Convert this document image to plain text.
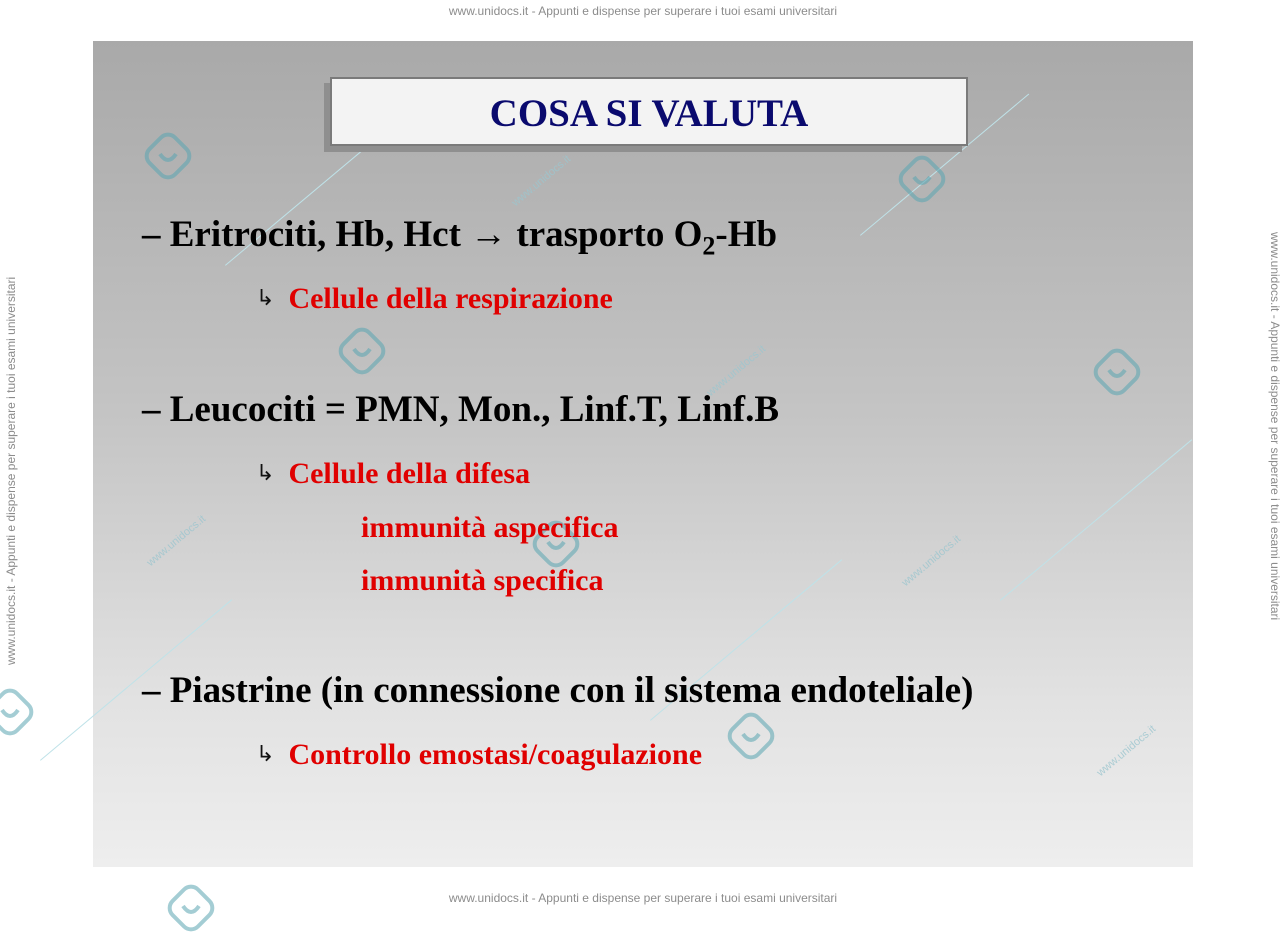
www.unidocs.it - Appunti e dispense per superare i tuoi esami universitari
www.unidocs.it - Appunti e dispense per superare i tuoi esami universitari
www.unidocs.it - Appunti e dispense per superare i tuoi esami universitari	www.unidocs.it - Appunti e dispense per superare i tuoi esami universitari
www.unidocs.it
www.unidocs.it
www.unidocs.it	www.unidocs.it
www.unidocs.it
COSA SI VALUTA
– Eritrociti, Hb, Hct → trasporto $O_2-Hb$
↳ Cellule della respirazione
– Leucociti = PMN, Mon., Linf.T, Linf.B
↳ Cellule della difesa
immunità aspecifica
immunità specifica
– Piastrine (in connessione con il sistema endoteliale)
↳ Controllo emostasi/coagulazione
